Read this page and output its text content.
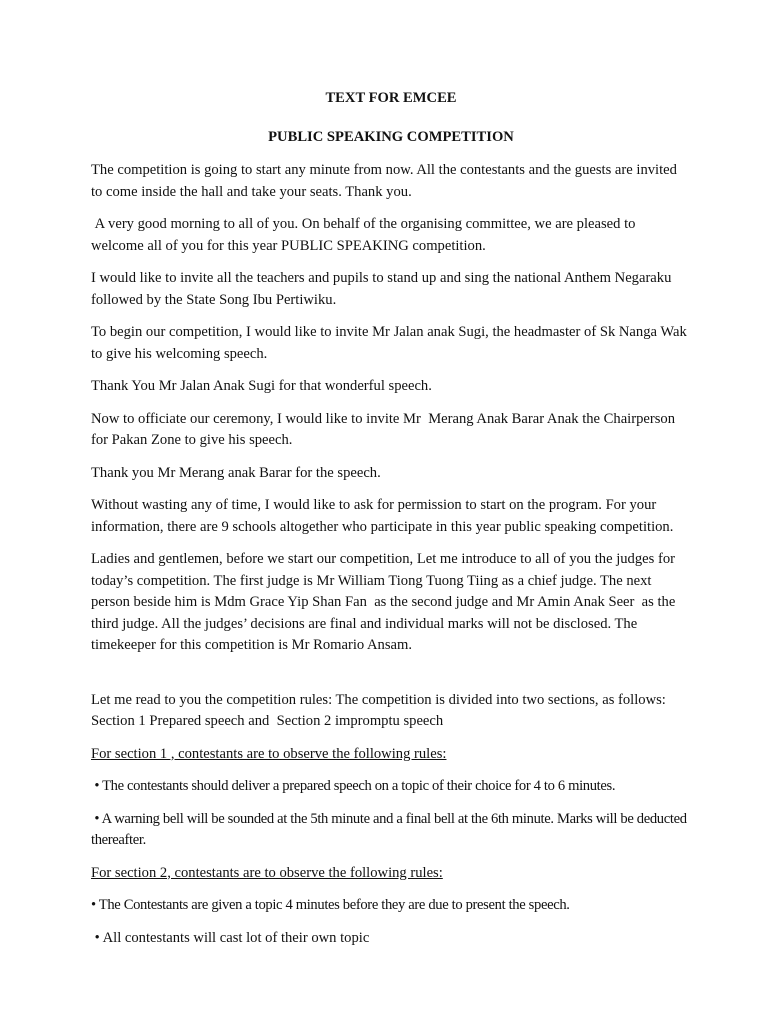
TEXT FOR EMCEE

PUBLIC SPEAKING COMPETITION

The competition is going to start any minute from now. All the contestants and the guests are invited to come inside the hall and take your seats. Thank you.

A very good morning to all of you. On behalf of the organising committee, we are pleased to welcome all of you for this year PUBLIC SPEAKING competition.

I would like to invite all the teachers and pupils to stand up and sing the national Anthem Negaraku followed by the State Song Ibu Pertiwiku.

To begin our competition, I would like to invite Mr Jalan anak Sugi, the headmaster of Sk Nanga Wak to give his welcoming speech.

Thank You Mr Jalan Anak Sugi for that wonderful speech.

Now to officiate our ceremony, I would like to invite Mr  Merang Anak Barar Anak the Chairperson for Pakan Zone to give his speech.

Thank you Mr Merang anak Barar for the speech.

Without wasting any of time, I would like to ask for permission to start on the program. For your information, there are 9 schools altogether who participate in this year public speaking competition.

Ladies and gentlemen, before we start our competition, Let me introduce to all of you the judges for today’s competition. The first judge is Mr William Tiong Tuong Tiing as a chief judge. The next person beside him is Mdm Grace Yip Shan Fan  as the second judge and Mr Amin Anak Seer  as the third judge. All the judges’ decisions are final and individual marks will not be disclosed. The timekeeper for this competition is Mr Romario Ansam.

Let me read to you the competition rules: The competition is divided into two sections, as follows: Section 1 Prepared speech and  Section 2 impromptu speech

For section 1 , contestants are to observe the following rules:

• The contestants should deliver a prepared speech on a topic of their choice for 4 to 6 minutes.

• A warning bell will be sounded at the 5th minute and a final bell at the 6th minute. Marks will be deducted thereafter.

For section 2, contestants are to observe the following rules:

• The Contestants are given a topic 4 minutes before they are due to present the speech.

• All contestants will cast lot of their own topic
